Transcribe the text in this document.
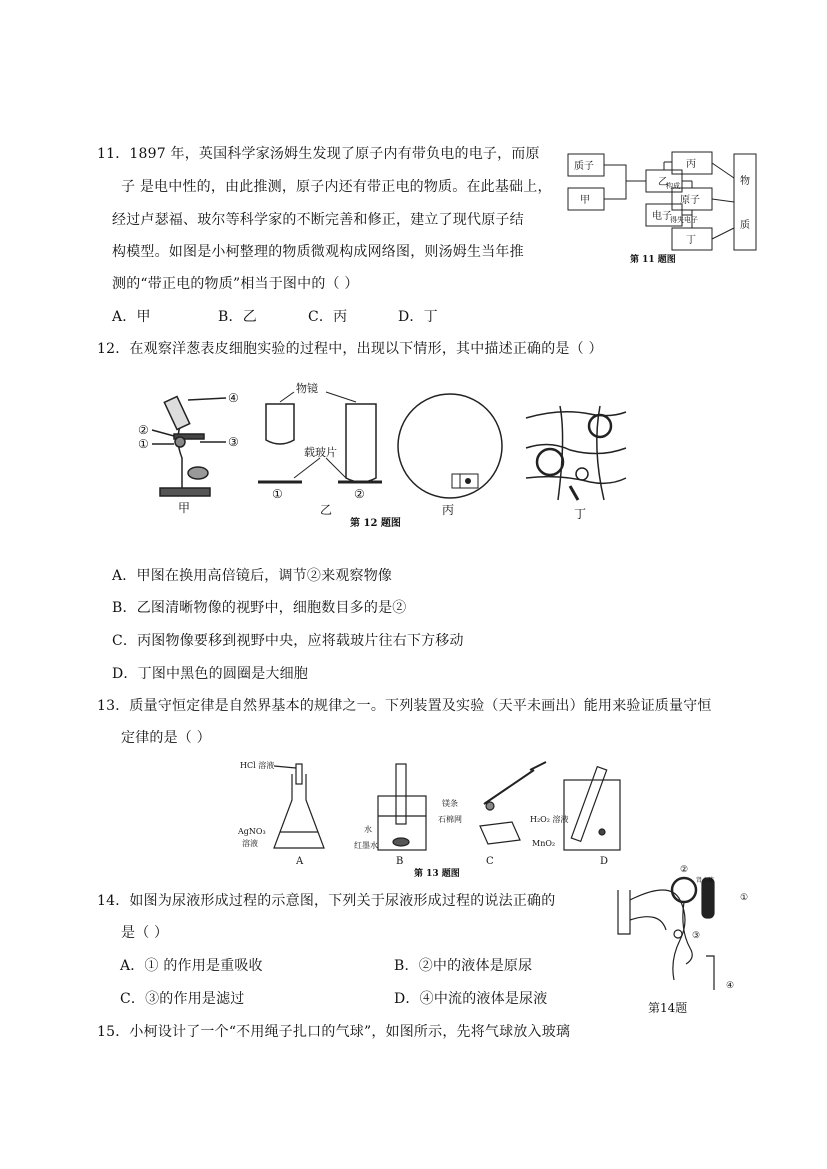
11．1897 年，英国科学家汤姆生发现了原子内有带负电的电子，而原
子 是电中性的，由此推测，原子内还有带正电的物质。在此基础上，
经过卢瑟福、玻尔等科学家的不断完善和修正，建立了现代原子结
构模型。如图是小柯整理的物质微观构成网络图，则汤姆生当年推
测的“带正电的物质”相当于图中的（ ）
A．甲	B．乙	C．丙	D．丁
质子
甲
乙
电子
丙
原子
丁
物
质
构成
得失电子
第 11 题图
12．在观察洋葱表皮细胞实验的过程中，出现以下情形，其中描述正确的是（ ）
④
②
①	③
甲
物镜
载玻片
①	②
乙	丙	丁
第 12 题图
A．甲图在换用高倍镜后，调节②来观察物像
B．乙图清晰物像的视野中，细胞数目多的是②
C．丙图物像要移到视野中央，应将载玻片往右下方移动
D．丁图中黑色的圆圈是大细胞
13．质量守恒定律是自然界基本的规律之一。下列装置及实验（天平未画出）能用来验证质量守恒
定律的是（ ）
HCl 溶液
AgNO₃
溶液
水
红墨水
镁条
石棉网	H₂O₂ 溶液
MnO₂
A	B	C	D
第 13 题图
14．如图为尿液形成过程的示意图，下列关于尿液形成过程的说法正确的
是（ ）
A．① 的作用是重吸收	B．②中的液体是原尿
C．③的作用是滤过	D．④中流的液体是尿液
②
肾小球
①
③
④
第14题
15．小柯设计了一个“不用绳子扎口的气球”，如图所示，先将气球放入玻璃
